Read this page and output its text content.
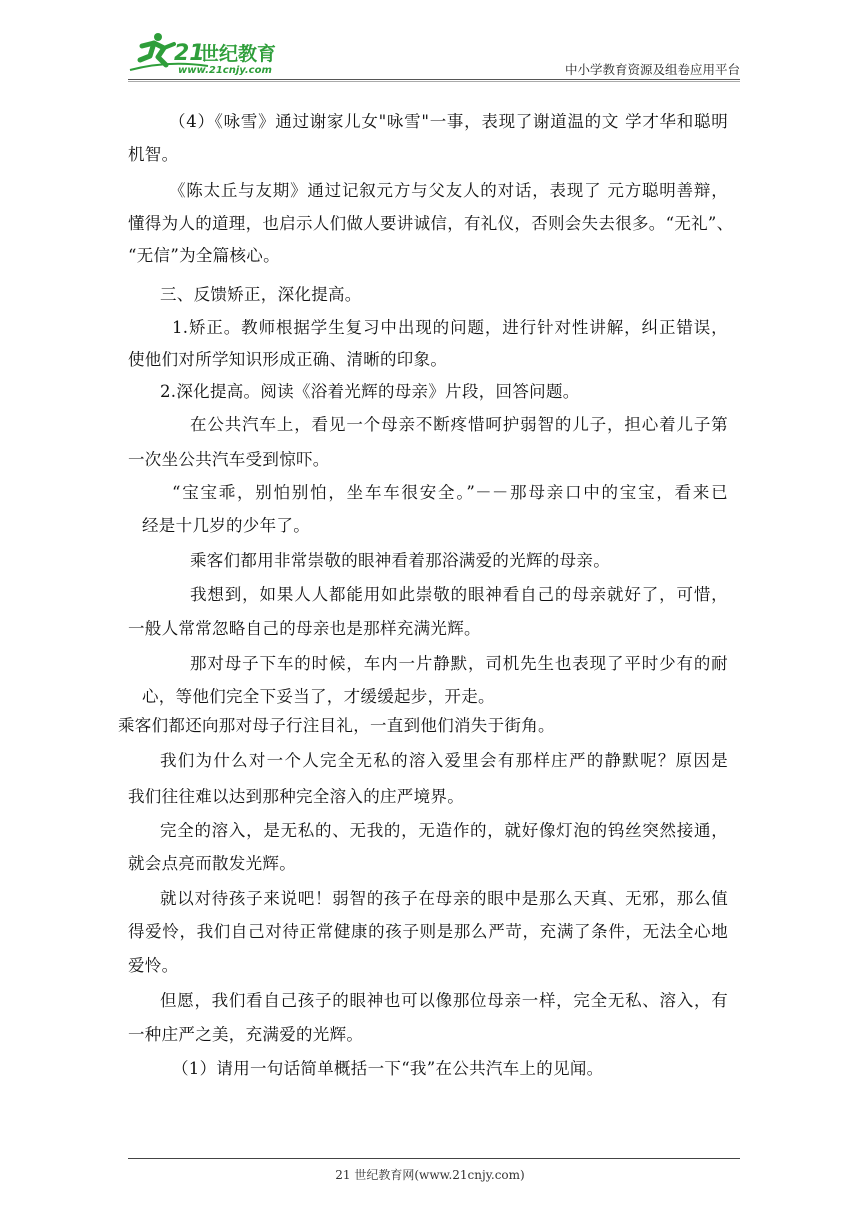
21
世纪教育
www.21cnjy.com	中小学教育资源及组卷应用平台
（4）《咏雪》通过谢家儿女"咏雪"一事，表现了谢道温的文 学才华和聪明
机智。
《陈太丘与友期》通过记叙元方与父友人的对话，表现了 元方聪明善辩，
懂得为人的道理，也启示人们做人要讲诚信，有礼仪，否则会失去很多。“无礼”、
“无信”为全篇核心。
三、反馈矫正，深化提高。
1.矫正。教师根据学生复习中出现的问题，进行针对性讲解，纠正错误，
使他们对所学知识形成正确、清晰的印象。
2.深化提高。阅读《浴着光辉的母亲》片段，回答问题。
在公共汽车上，看见一个母亲不断疼惜呵护弱智的儿子，担心着儿子第
一次坐公共汽车受到惊吓。
“宝宝乖，别怕别怕，坐车车很安全。”－－那母亲口中的宝宝，看来已
经是十几岁的少年了。
乘客们都用非常崇敬的眼神看着那浴满爱的光辉的母亲。
我想到，如果人人都能用如此崇敬的眼神看自己的母亲就好了，可惜，
一般人常常忽略自己的母亲也是那样充满光辉。
那对母子下车的时候，车内一片静默，司机先生也表现了平时少有的耐
心，等他们完全下妥当了，才缓缓起步，开走。
乘客们都还向那对母子行注目礼，一直到他们消失于街角。
我们为什么对一个人完全无私的溶入爱里会有那样庄严的静默呢？原因是
我们往往难以达到那种完全溶入的庄严境界。
完全的溶入，是无私的、无我的，无造作的，就好像灯泡的钨丝突然接通，
就会点亮而散发光辉。
就以对待孩子来说吧！弱智的孩子在母亲的眼中是那么天真、无邪，那么值
得爱怜，我们自己对待正常健康的孩子则是那么严苛，充满了条件，无法全心地
爱怜。
但愿，我们看自己孩子的眼神也可以像那位母亲一样，完全无私、溶入，有
一种庄严之美，充满爱的光辉。
（1）请用一句话简单概括一下“我”在公共汽车上的见闻。
21 世纪教育网(www.21cnjy.com)
